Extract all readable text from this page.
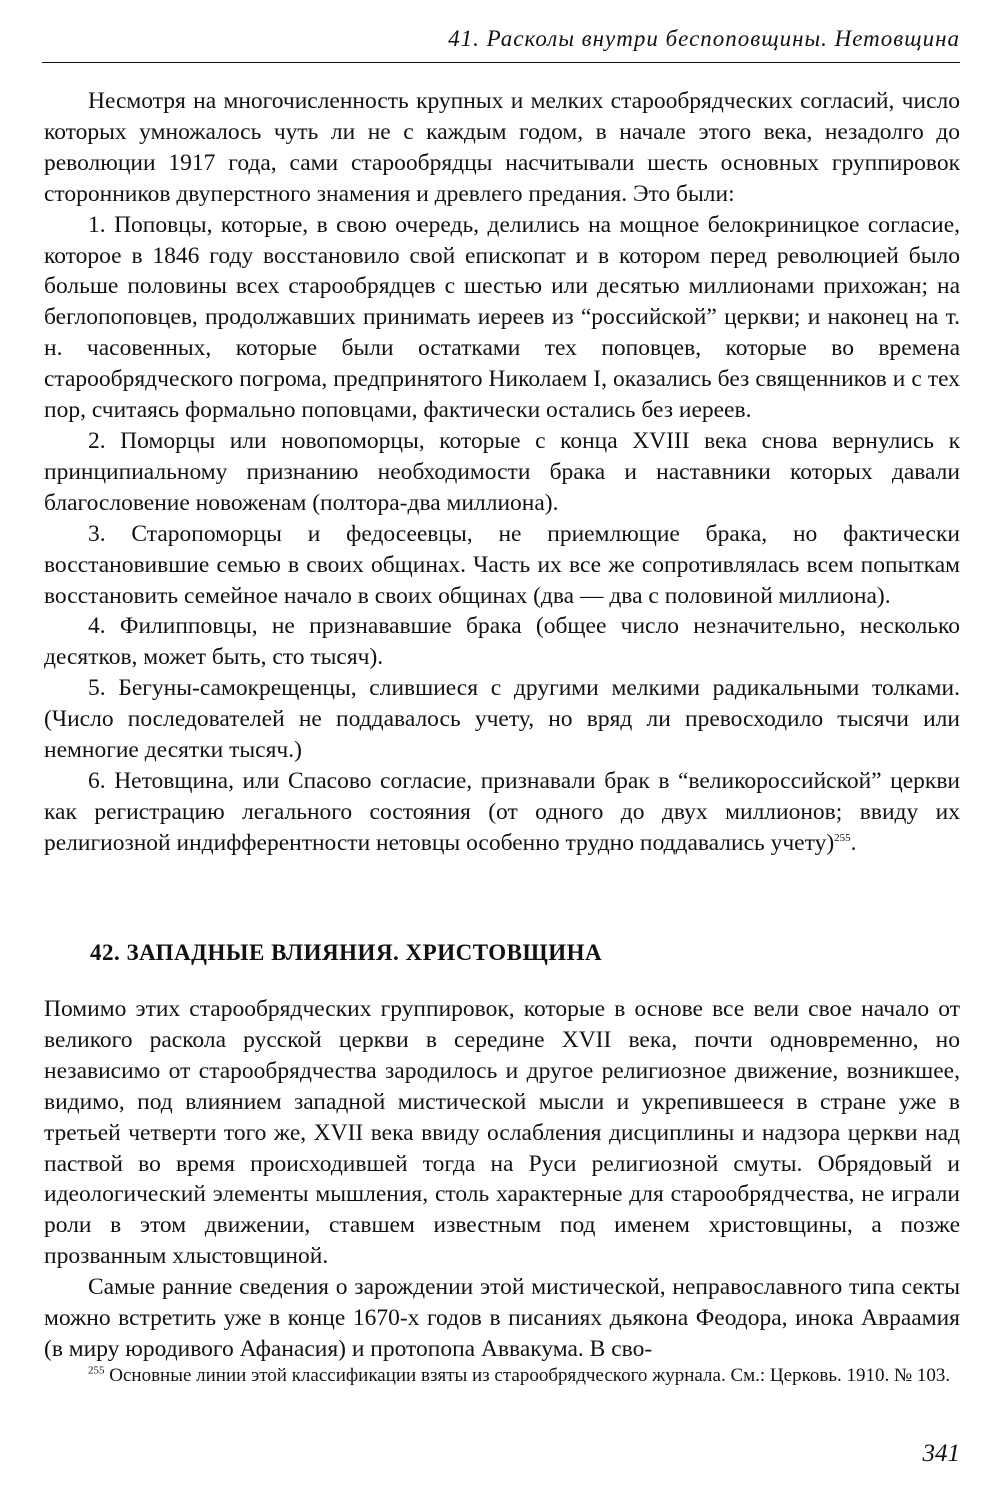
41. Расколы внутри беспоповщины. Нетовщина

Несмотря на многочисленность крупных и мелких старообрядческих согласий, число которых умножалось чуть ли не с каждым годом, в начале этого века, незадолго до революции 1917 года, сами старообрядцы насчитывали шесть основных группировок сторонников двуперстного знамения и древлего предания. Это были:

1. Поповцы, которые, в свою очередь, делились на мощное белокриницкое согласие, которое в 1846 году восстановило свой епископат и в котором перед революцией было больше половины всех старообрядцев с шестью или десятью миллионами прихожан; на беглопоповцев, продолжавших принимать иереев из “российской” церкви; и наконец на т. н. часовенных, которые были остатками тех поповцев, которые во времена старообрядческого погрома, предпринятого Николаем I, оказались без священников и с тех пор, считаясь формально поповцами, фактически остались без иереев.

2. Поморцы или новопоморцы, которые с конца XVIII века снова вернулись к принципиальному признанию необходимости брака и наставники которых давали благословение новоженам (полтора-два миллиона).

3. Старопоморцы и федосеевцы, не приемлющие брака, но фактически восстановившие семью в своих общинах. Часть их все же сопротивлялась всем попыткам восстановить семейное начало в своих общинах (два — два с половиной миллиона).

4. Филипповцы, не признававшие брака (общее число незначительно, несколько десятков, может быть, сто тысяч).

5. Бегуны-самокрещенцы, слившиеся с другими мелкими радикальными толками. (Число последователей не поддавалось учету, но вряд ли превосходило тысячи или немногие десятки тысяч.)

6. Нетовщина, или Спасово согласие, признавали брак в “великороссийской” церкви как регистрацию легального состояния (от одного до двух миллионов; ввиду их религиозной индифферентности нетовцы особенно трудно поддавались учету)$^{255}$.

42. ЗАПАДНЫЕ ВЛИЯНИЯ. ХРИСТОВЩИНА

Помимо этих старообрядческих группировок, которые в основе все вели свое начало от великого раскола русской церкви в середине XVII века, почти одновременно, но независимо от старообрядчества зародилось и другое религиозное движение, возникшее, видимо, под влиянием западной мистической мысли и укрепившееся в стране уже в третьей четверти того же, XVII века ввиду ослабления дисциплины и надзора церкви над паствой во время происходившей тогда на Руси религиозной смуты. Обрядовый и идеологический элементы мышления, столь характерные для старообрядчества, не играли роли в этом движении, ставшем известным под именем христовщины, а позже прозванным хлыстовщиной.

Самые ранние сведения о зарождении этой мистической, неправославного типа секты можно встретить уже в конце 1670-х годов в писаниях дьякона Феодора, инока Авраамия (в миру юродивого Афанасия) и протопопа Аввакума. В сво-

$^{255}$ Основные линии этой классификации взяты из старообрядческого журнала. См.: Церковь. 1910. № 103.

341
